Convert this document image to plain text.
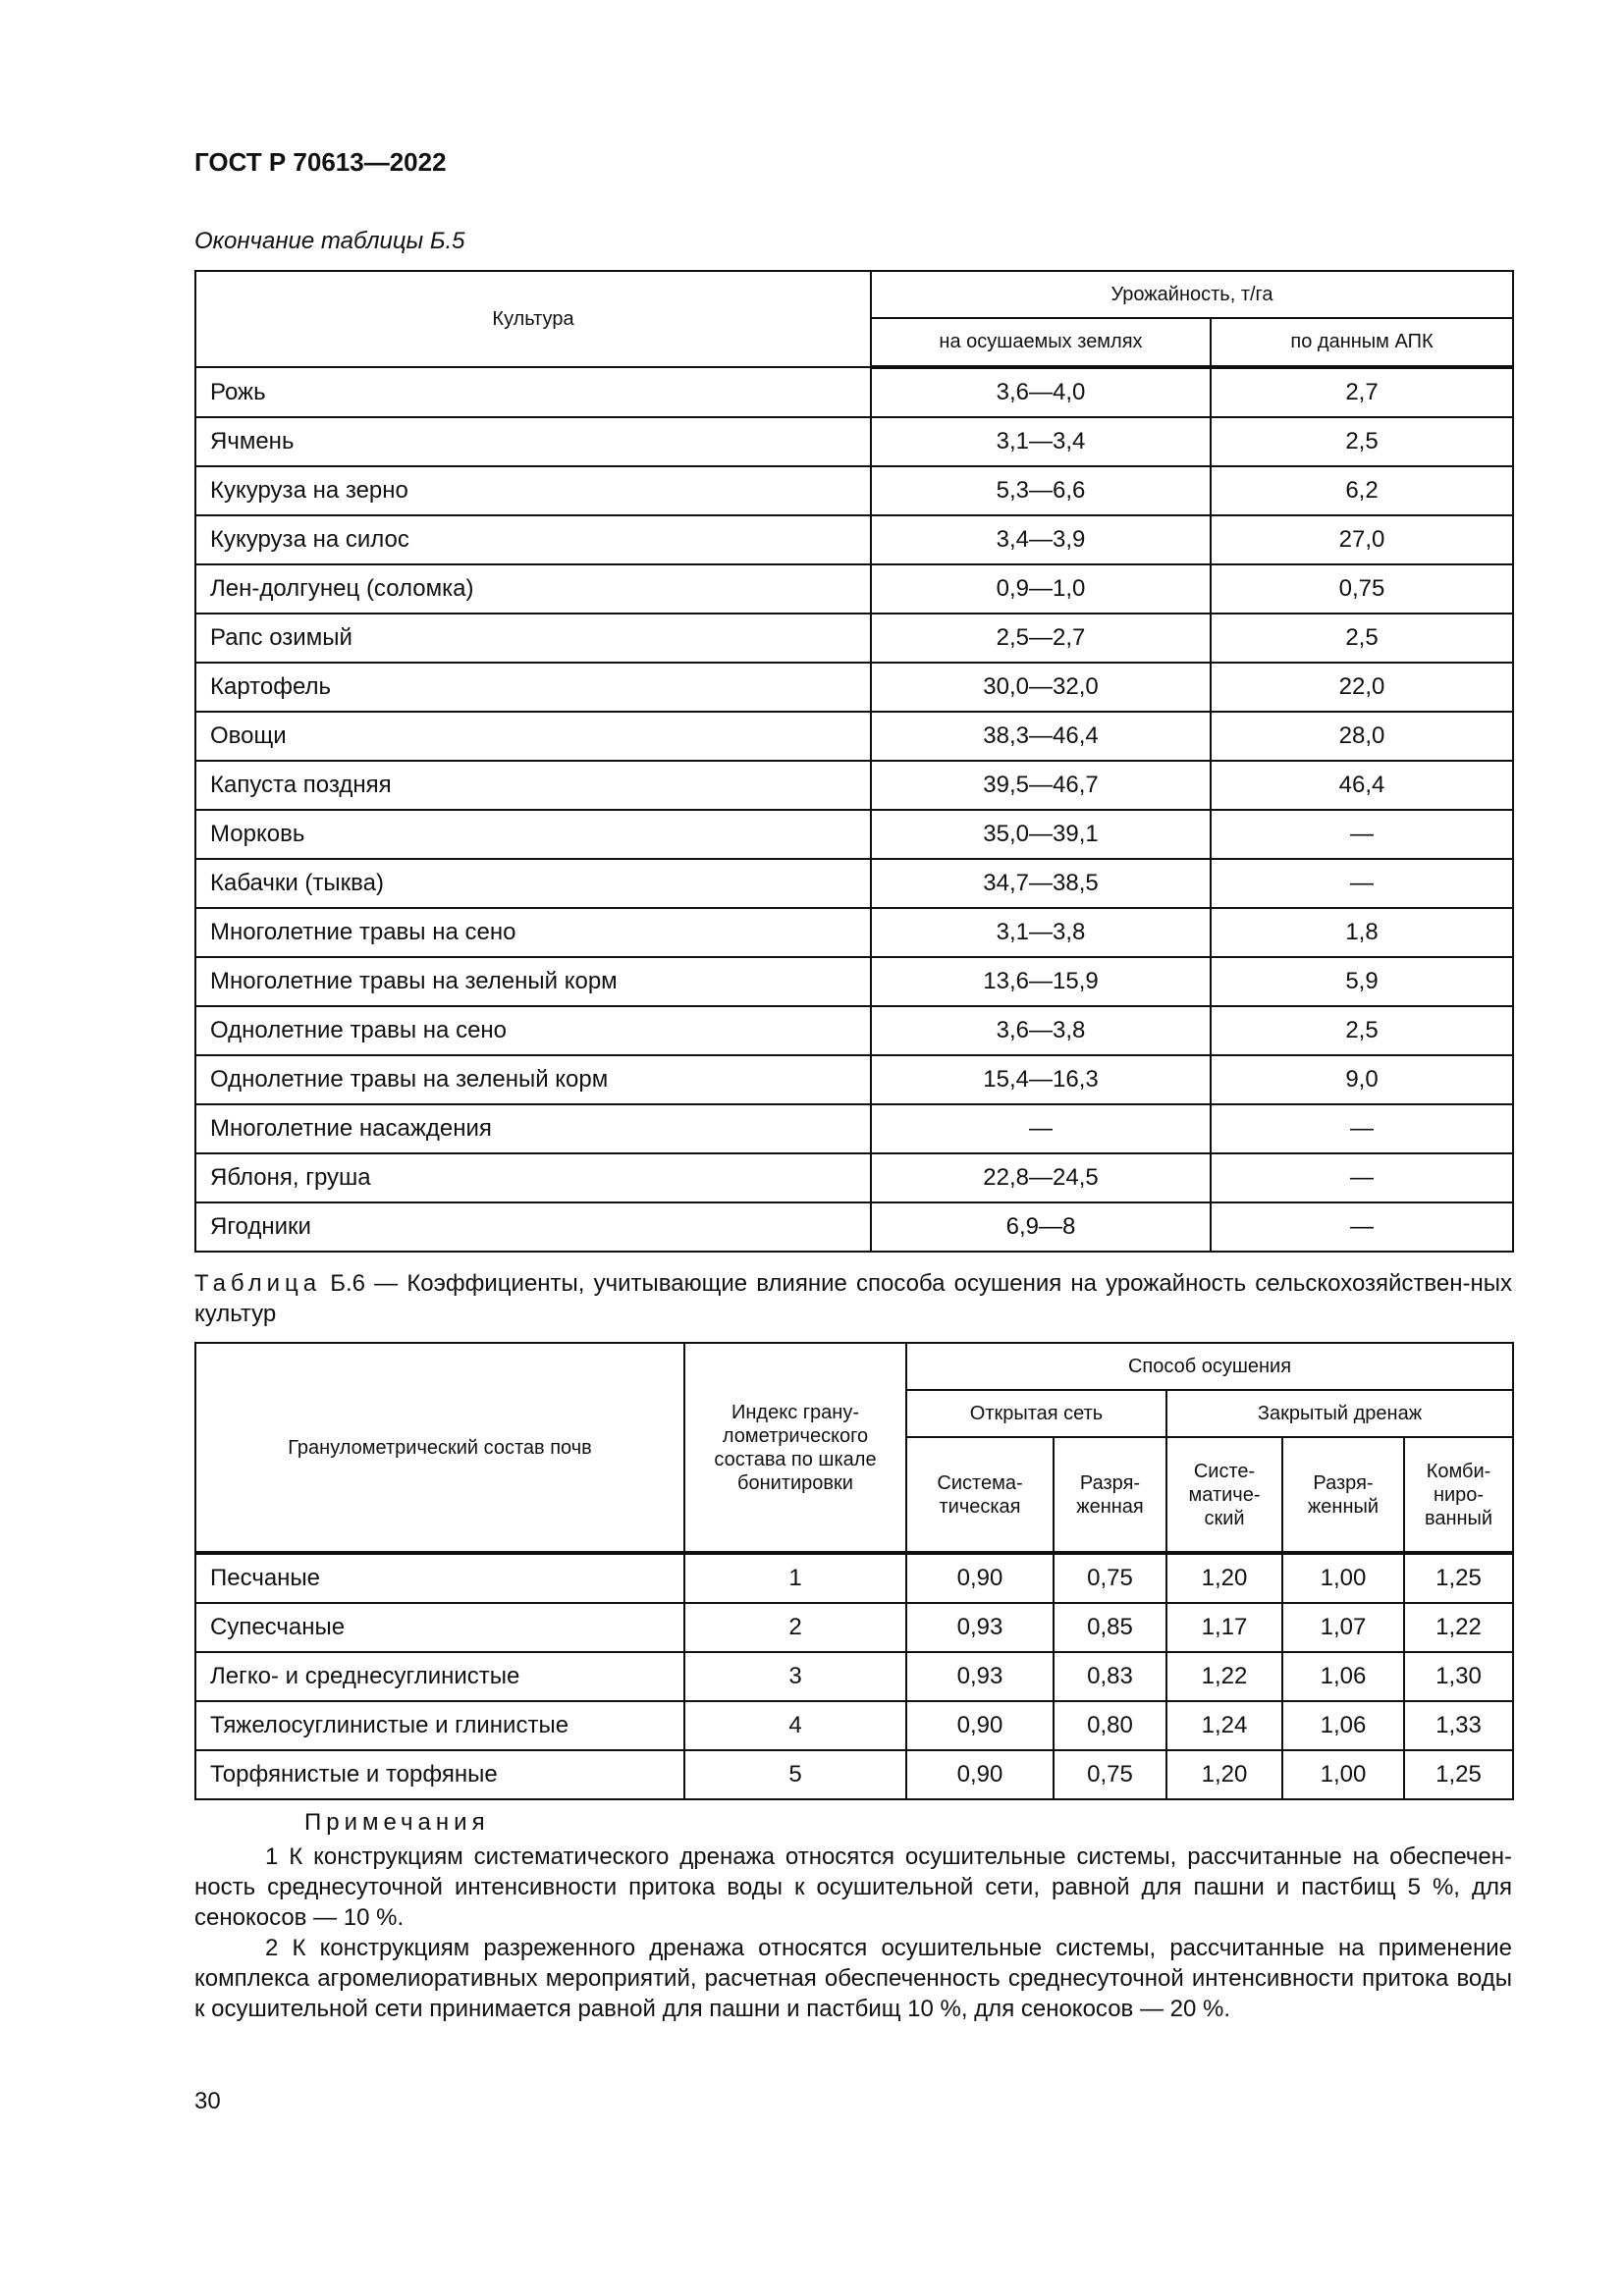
ГОСТ Р 70613—2022
Окончание таблицы Б.5
Культура	Урожайность, т/га	
	на осушаемых землях	по данным АПК
Рожь	3,6—4,0	2,7
Ячмень	3,1—3,4	2,5
Кукуруза на зерно	5,3—6,6	6,2
Кукуруза на силос	3,4—3,9	27,0
Лен-долгунец (соломка)	0,9—1,0	0,75
Рапс озимый	2,5—2,7	2,5
Картофель	30,0—32,0	22,0
Овощи	38,3—46,4	28,0
Капуста поздняя	39,5—46,7	46,4
Морковь	35,0—39,1	—
Кабачки (тыква)	34,7—38,5	—
Многолетние травы на сено	3,1—3,8	1,8
Многолетние травы на зеленый корм	13,6—15,9	5,9
Однолетние травы на сено	3,6—3,8	2,5
Однолетние травы на зеленый корм	15,4—16,3	9,0
Многолетние насаждения	—	—
Яблоня, груша	22,8—24,5	—
Ягодники	6,9—8	—
Таблица Б.6 — Коэффициенты, учитывающие влияние способа осушения на урожайность сельскохозяйствен-ных культур
Гранулометрический состав почв	Индекс грану-лометрического состава по шкале бонитировки	Способ осушения				
		Открытая сеть		Закрытый дренаж		
		Система-тическая	Разря-женная	Систе-матиче-ский	Разря-женный	Комби-ниро-ванный
Песчаные	1	0,90	0,75	1,20	1,00	1,25
Супесчаные	2	0,93	0,85	1,17	1,07	1,22
Легко- и среднесуглинистые	3	0,93	0,83	1,22	1,06	1,30
Тяжелосуглинистые и глинистые	4	0,90	0,80	1,24	1,06	1,33
Торфянистые и торфяные	5	0,90	0,75	1,20	1,00	1,25
Примечания
1 К конструкциям систематического дренажа относятся осушительные системы, рассчитанные на обеспечен-ность среднесуточной интенсивности притока воды к осушительной сети, равной для пашни и пастбищ 5 %, для сенокосов — 10 %.
2 К конструкциям разреженного дренажа относятся осушительные системы, рассчитанные на применение комплекса агромелиоративных мероприятий, расчетная обеспеченность среднесуточной интенсивности притока воды к осушительной сети принимается равной для пашни и пастбищ 10 %, для сенокосов — 20 %.
30
